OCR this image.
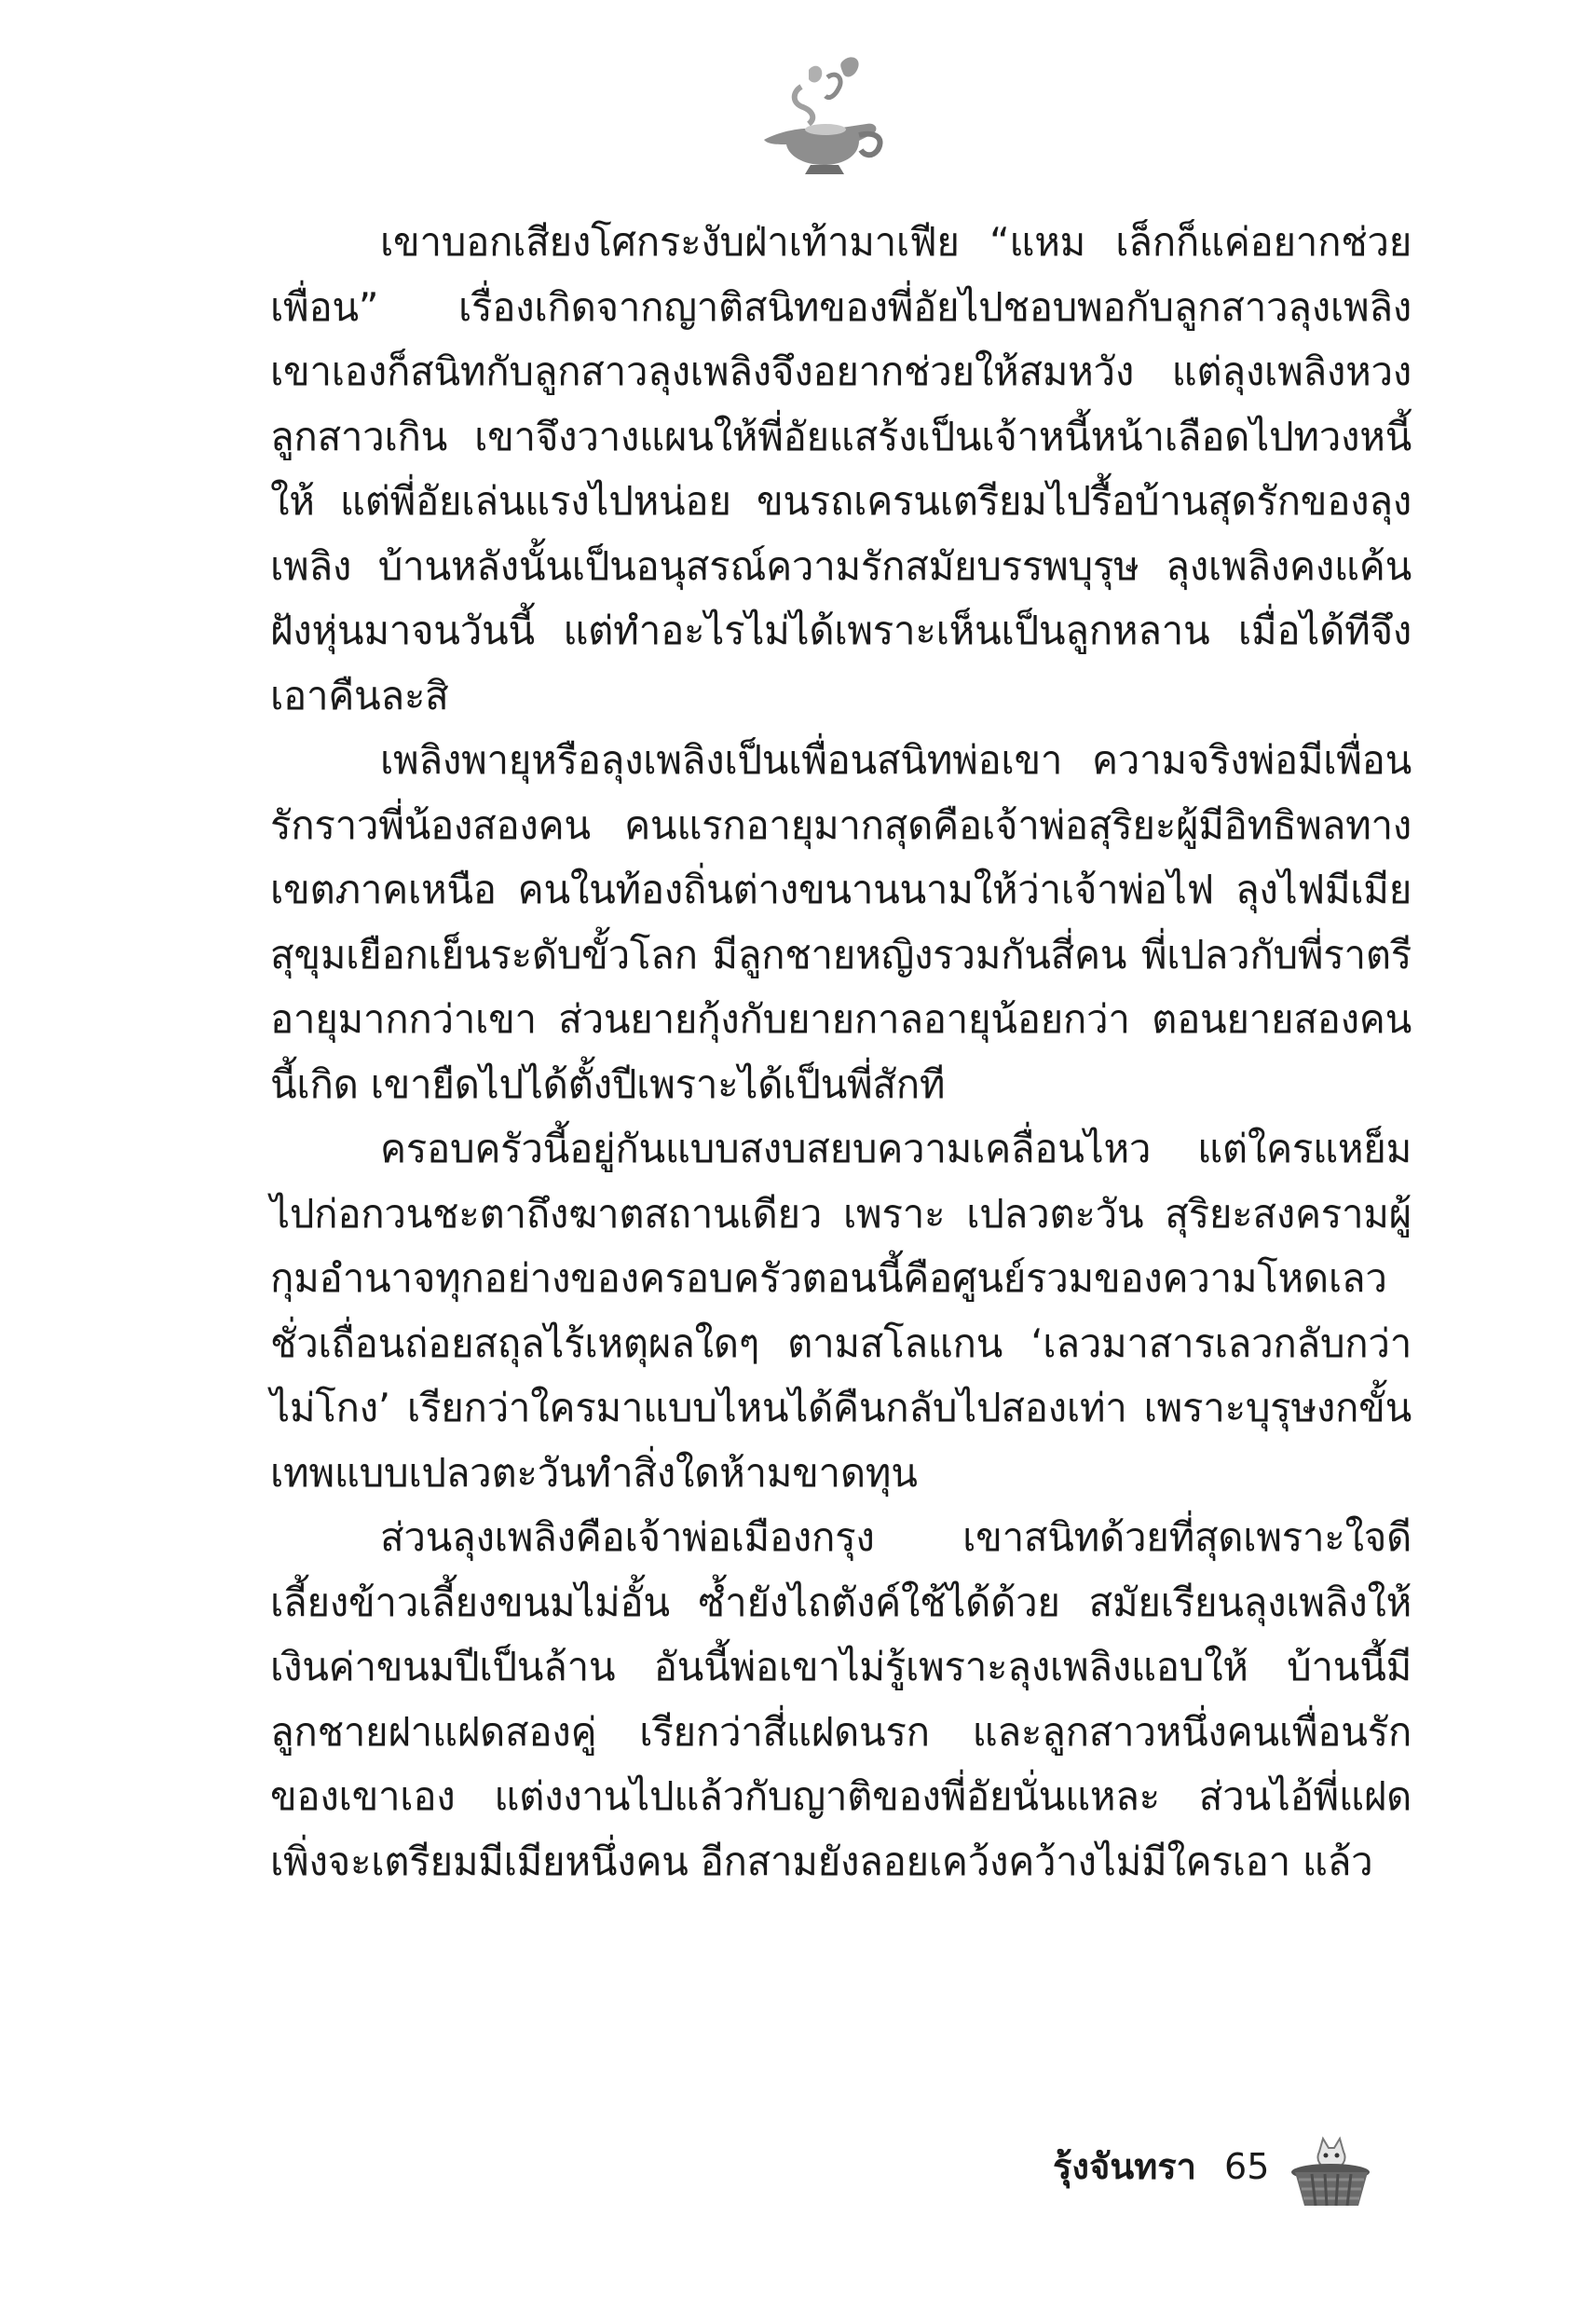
เขาบอกเสียงโศกระงับฝ่าเท้ามาเฟีย “แหม เล็กก็แค่อยากช่วยเพื่อน” เรื่องเกิดจากญาติสนิทของพี่อัยไปชอบพอกับลูกสาวลุงเพลิง เขาเองก็สนิทกับลูกสาวลุงเพลิงจึงอยากช่วยให้สมหวัง แต่ลุงเพลิงหวงลูกสาวเกิน เขาจึงวางแผนให้พี่อัยแสร้งเป็นเจ้าหนี้หน้าเลือดไปทวงหนี้ให้ แต่พี่อัยเล่นแรงไปหน่อย ขนรถเครนเตรียมไปรื้อบ้านสุดรักของลุงเพลิง บ้านหลังนั้นเป็นอนุสรณ์ความรักสมัยบรรพบุรุษ ลุงเพลิงคงแค้นฝังหุ่นมาจนวันนี้ แต่ทำอะไรไม่ได้เพราะเห็นเป็นลูกหลาน เมื่อได้ทีจึงเอาคืนละสิ

เพลิงพายุหรือลุงเพลิงเป็นเพื่อนสนิทพ่อเขา ความจริงพ่อมีเพื่อนรักราวพี่น้องสองคน คนแรกอายุมากสุดคือเจ้าพ่อสุริยะผู้มีอิทธิพลทางเขตภาคเหนือ คนในท้องถิ่นต่างขนานนามให้ว่าเจ้าพ่อไฟ ลุงไฟมีเมียสุขุมเยือกเย็นระดับขั้วโลก มีลูกชายหญิงรวมกันสี่คน พี่เปลวกับพี่ราตรีอายุมากกว่าเขา ส่วนยายกุ้งกับยายกาลอายุน้อยกว่า ตอนยายสองคนนี้เกิด เขายืดไปได้ตั้งปีเพราะได้เป็นพี่สักที

ครอบครัวนี้อยู่กันแบบสงบสยบความเคลื่อนไหว แต่ใครแหย็มไปก่อกวนชะตาถึงฆาตสถานเดียว เพราะ เปลวตะวัน สุริยะสงครามผู้กุมอำนาจทุกอย่างของครอบครัวตอนนี้คือศูนย์รวมของความโหดเลวชั่วเถื่อนถ่อยสถุลไร้เหตุผลใดๆ ตามสโลแกน ‘เลวมาสารเลวกลับกว่าไม่โกง’ เรียกว่าใครมาแบบไหนได้คืนกลับไปสองเท่า เพราะบุรุษงกขั้นเทพแบบเปลวตะวันทำสิ่งใดห้ามขาดทุน

ส่วนลุงเพลิงคือเจ้าพ่อเมืองกรุง เขาสนิทด้วยที่สุดเพราะใจดีเลี้ยงข้าวเลี้ยงขนมไม่อั้น ซ้ำยังไถตังค์ใช้ได้ด้วย สมัยเรียนลุงเพลิงให้เงินค่าขนมปีเป็นล้าน อันนี้พ่อเขาไม่รู้เพราะลุงเพลิงแอบให้ บ้านนี้มีลูกชายฝาแฝดสองคู่ เรียกว่าสี่แฝดนรก และลูกสาวหนึ่งคนเพื่อนรักของเขาเอง แต่งงานไปแล้วกับญาติของพี่อัยนั่นแหละ ส่วนไอ้พี่แฝดเพิ่งจะเตรียมมีเมียหนึ่งคน อีกสามยังลอยเคว้งคว้างไม่มีใครเอา แล้ว

รุ้งจันทรา 65
